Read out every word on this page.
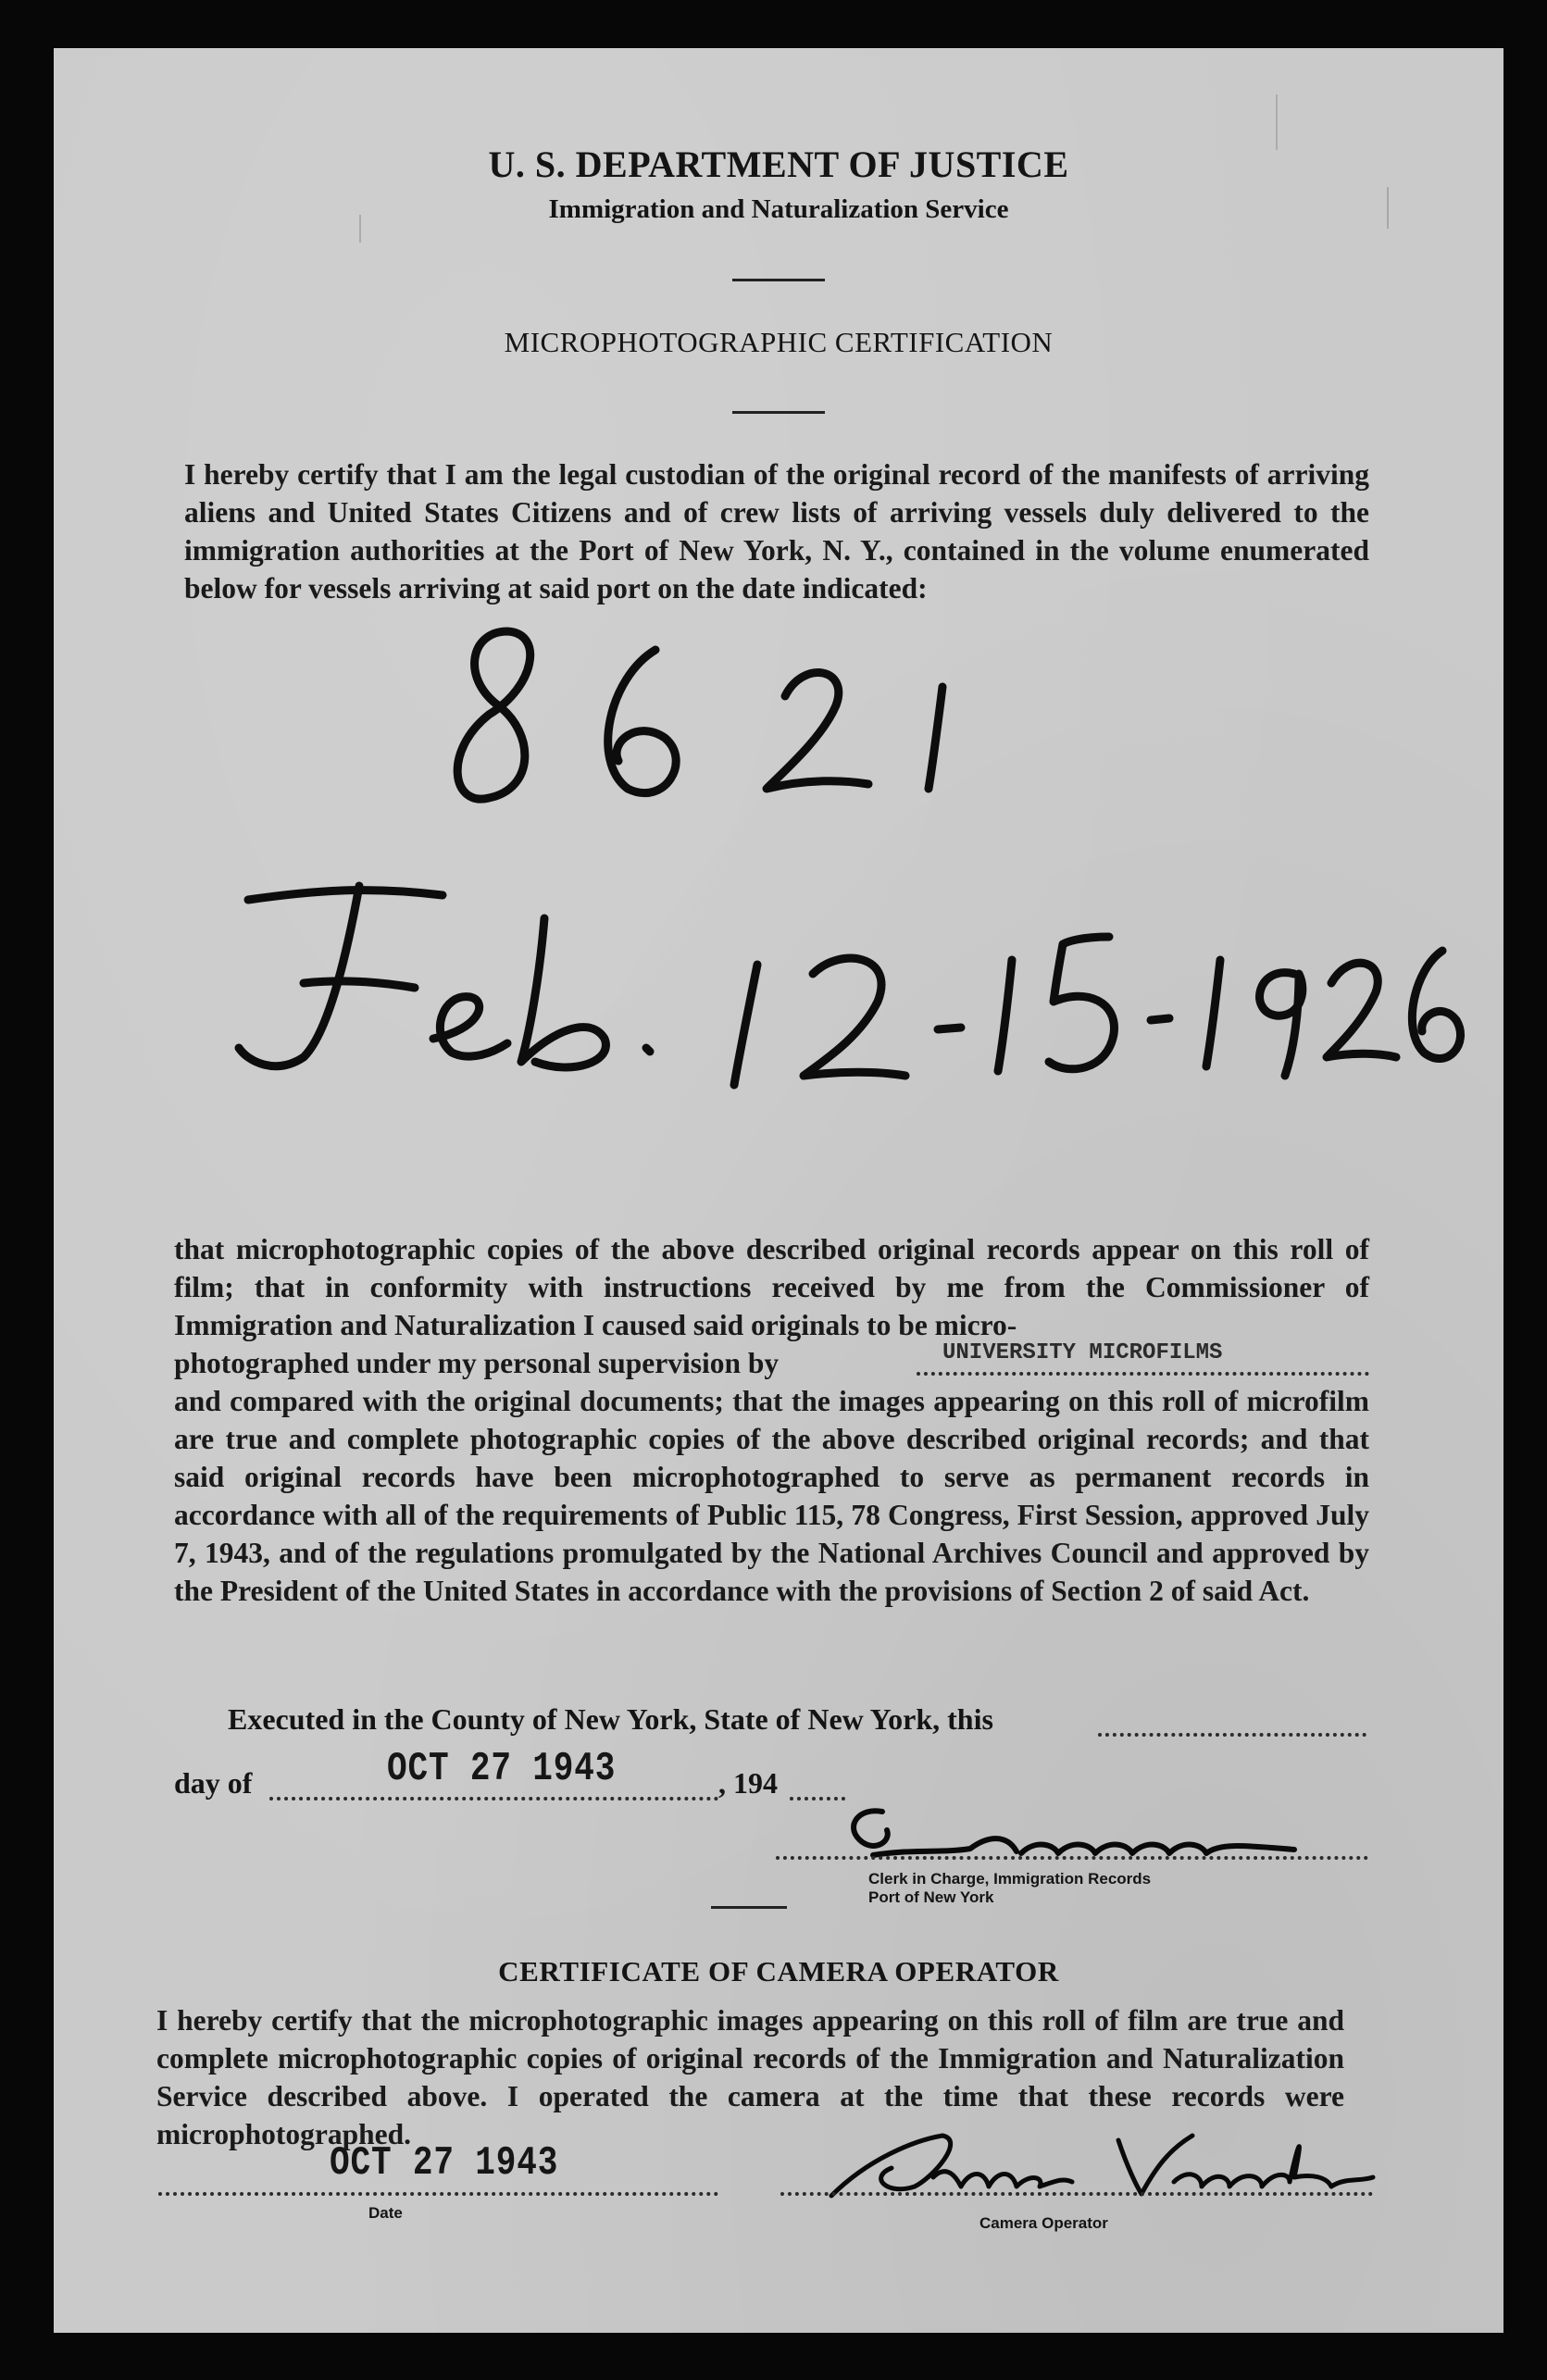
U. S. DEPARTMENT OF JUSTICE
Immigration and Naturalization Service
MICROPHOTOGRAPHIC CERTIFICATION
I hereby certify that I am the legal custodian of the original record of the manifests of arriving aliens and United States Citizens and of crew lists of arriving vessels duly delivered to the immigration authorities at the Port of New York, N. Y., contained in the volume enumerated below for vessels arriving at said port on the date indicated:
that microphotographic copies of the above described original records appear on this roll of film; that in conformity with instructions received by me from the Commissioner of Immigration and Naturalization I caused said originals to be micro-
photographed under my personal supervision by	UNIVERSITY MICROFILMS
and compared with the original documents; that the images appearing on this roll of microfilm are true and complete photographic copies of the above described original records; and that said original records have been microphotographed to serve as permanent records in accordance with all of the requirements of Public 115, 78 Congress, First Session, approved July 7, 1943, and of the regulations promulgated by the National Archives Council and approved by the President of the United States in accordance with the provisions of Section 2 of said Act.
Executed in the County of New York, State of New York, this
day of	OCT 27 1943	, 194
Clerk in Charge, Immigration Records
Port of New York
CERTIFICATE OF CAMERA OPERATOR
I hereby certify that the microphotographic images appearing on this roll of film are true and complete microphotographic copies of original records of the Immigration and Naturalization Service described above. I operated the camera at the time that these records were microphotographed.
OCT 27 1943
Date
Camera Operator
